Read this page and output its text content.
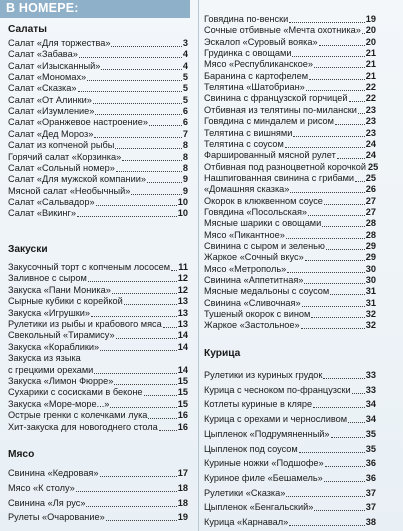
В НОМЕРЕ:
Салаты
Салат «Для торжества»	3
Салат «Забава»	4
Салат «Изысканный»	4
Салат «Мономах»	5
Салат «Сказка»	5
Салат «От Алинки»	5
Салат «Изумление»	6
Салат «Оранжевое настроение»	6
Салат «Дед Мороз»	7
Салат из копченой рыбы	8
Горячий салат «Корзинка»	8
Салат «Сольный номер»	8
Салат «Для мужской компании»	9
Мясной салат «Необычный»	9
Салат «Сальвадор»	10
Салат «Викинг»	10
Закуски
Закусочный торт с копченым лососем 11
Заливное с сыром	12
Закуска «Пани Моника»	12
Сырные кубики с корейкой	13
Закуска «Игрушки»	13
Рулетики из рыбы и крабового мяса 13
Свекольный «Тирамису»	14
Закуска «Кораблики»	14
Закуска из языка
с грецкими орехами	14
Закуска «Лимон Фюрре»	15
Сухарики с сосисками в беконе	15
Закуска «Море-море...»	15
Острые гренки с колечками лука	16
Хит-закуска для новогоднего стола 16
Мясо
Свинина «Кедровая»	17
Мясо «К столу»	18
Свинина «Ля рус»	18
Рулеты «Очарование»	19
Говядина по-венски	19
Сочные отбивные «Мечта охотника» 20
Эскалоп «Суровый вояка»	20
Грудинка с овощами	21
Мясо «Республиканское»	21
Баранина с картофелем	21
Телятина «Шатобриан»	22
Свинина с французской горчицей 22
Отбивная из телятины по-милански 23
Говядина с миндалем и рисом	23
Телятина с вишнями	23
Телятина с соусом	24
Фаршированный мясной рулет	24
Отбивная под разноцветной корочкой 25
Нашпигованная свинина с грибами 25
«Домашняя сказка»	26
Окорок в клюквенном соусе	27
Говядина «Посольская»	27
Мясные шарики с овощами	28
Мясо «Пикантное»	28
Свинина с сыром и зеленью	29
Жаркое «Сочный вкус»	29
Мясо «Метрополь»	30
Свинина «Аппетитная»	30
Мясные медальоны с соусом	31
Свинина «Сливочная»	31
Тушеный окорок с вином	32
Жаркое «Застольное»	32
Курица
Рулетики из куриных грудок	33
Курица с чесноком по-французски 33
Котлеты куриные в кляре	34
Курица с орехами и черносливом 34
Цыпленок «Подрумяненный»	35
Цыпленок под соусом	35
Куриные ножки «Подшофе»	36
Куриное филе «Бешамель»	36
Рулетики «Сказка»	37
Цыпленок «Бенгальский»	37
Курица «Карнавал»	38
